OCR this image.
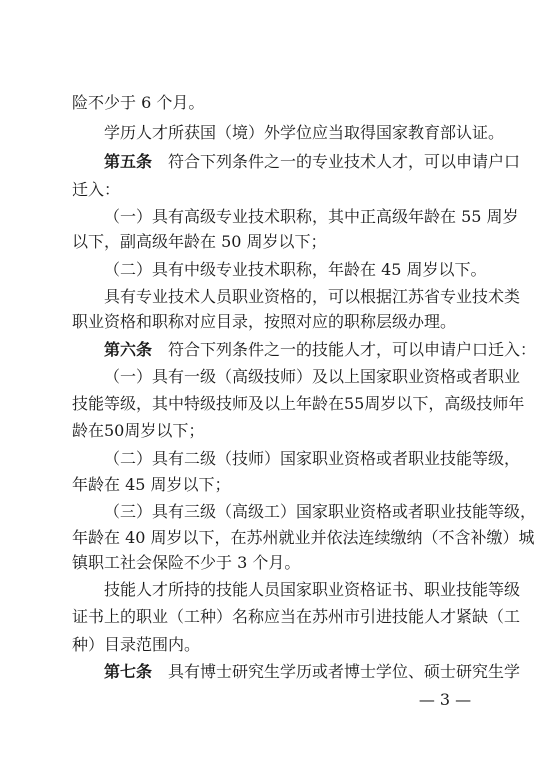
险不少于 6 个月。
学历人才所获国（境）外学位应当取得国家教育部认证。
第五条　符合下列条件之一的专业技术人才，可以申请户口
迁入：
（一）具有高级专业技术职称，其中正高级年龄在 55 周岁
以下，副高级年龄在 50 周岁以下；
（二）具有中级专业技术职称，年龄在 45 周岁以下。
具有专业技术人员职业资格的，可以根据江苏省专业技术类
职业资格和职称对应目录，按照对应的职称层级办理。
第六条　符合下列条件之一的技能人才，可以申请户口迁入：
（一）具有一级（高级技师）及以上国家职业资格或者职业
技能等级，其中特级技师及以上年龄在55周岁以下，高级技师年
龄在50周岁以下；
（二）具有二级（技师）国家职业资格或者职业技能等级，
年龄在 45 周岁以下；
（三）具有三级（高级工）国家职业资格或者职业技能等级，
年龄在 40 周岁以下，在苏州就业并依法连续缴纳（不含补缴）城
镇职工社会保险不少于 3 个月。
技能人才所持的技能人员国家职业资格证书、职业技能等级
证书上的职业（工种）名称应当在苏州市引进技能人才紧缺（工
种）目录范围内。
第七条　具有博士研究生学历或者博士学位、硕士研究生学
— 3 —
